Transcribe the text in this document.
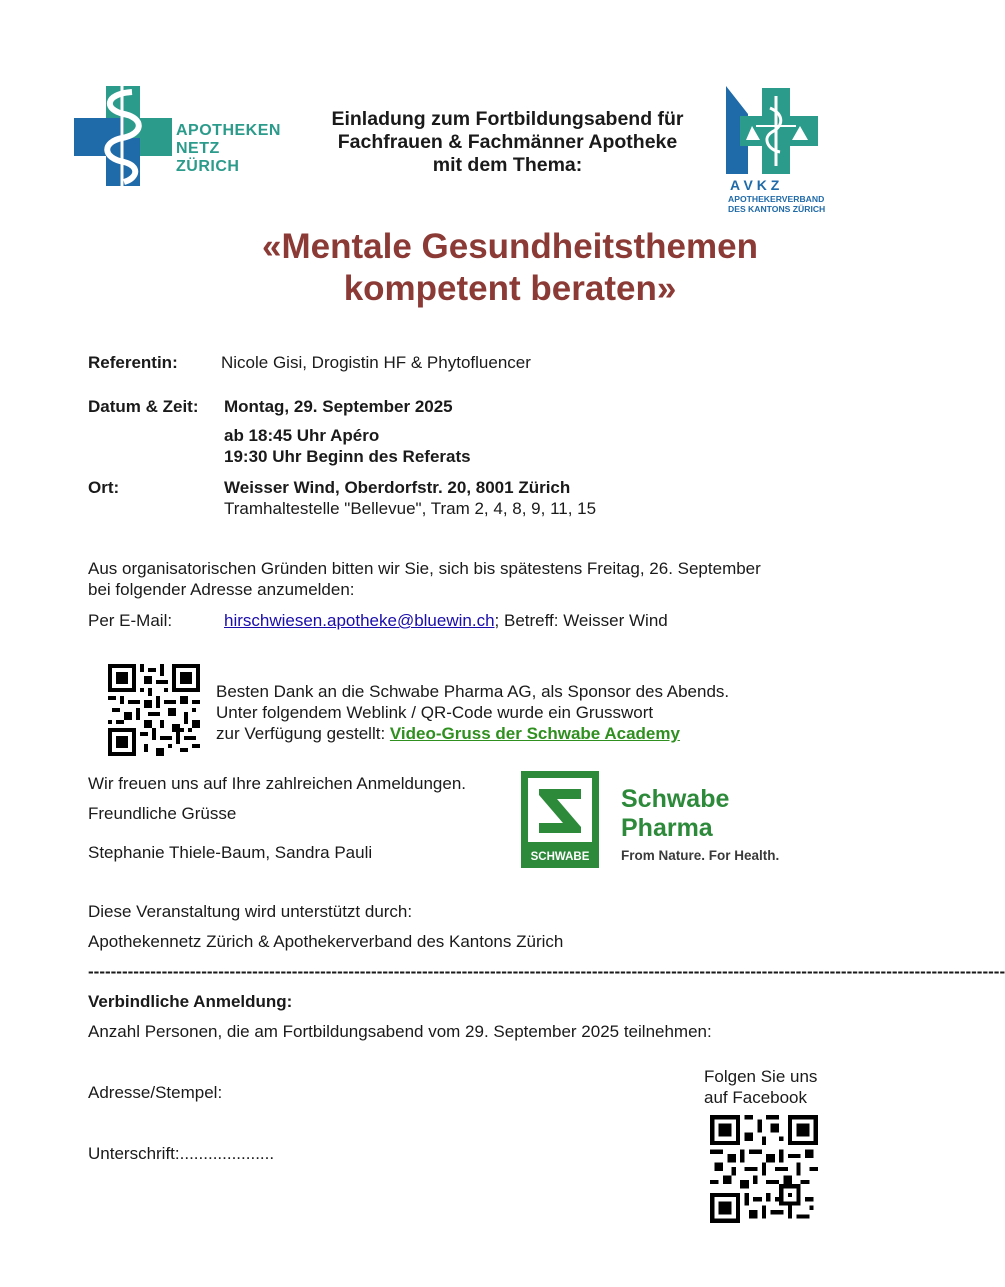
APOTHEKEN
NETZ
ZÜRICH
Einladung zum Fortbildungsabend für
Fachfrauen & Fachmänner Apotheke
mit dem Thema:
A V K Z
APOTHEKERVERBAND
DES KANTONS ZÜRICH
«Mentale Gesundheitsthemen
kompetent beraten»
Referentin:	Nicole Gisi, Drogistin HF & Phytofluencer
Datum & Zeit: Montag, 29. September 2025
ab 18:45 Uhr Apéro
19:30 Uhr Beginn des Referats
Ort:	Weisser Wind, Oberdorfstr. 20, 8001 Zürich
Tramhaltestelle "Bellevue", Tram 2, 4, 8, 9, 11, 15
Aus organisatorischen Gründen bitten wir Sie, sich bis spätestens Freitag, 26. September
bei folgender Adresse anzumelden:
Per E-Mail:	hirschwiesen.apotheke@bluewin.ch; Betreff: Weisser Wind
Besten Dank an die Schwabe Pharma AG, als Sponsor des Abends.
Unter folgendem Weblink / QR-Code wurde ein Grusswort
zur Verfügung gestellt: Video-Gruss der Schwabe Academy
Wir freuen uns auf Ihre zahlreichen Anmeldungen.
Freundliche Grüsse
Stephanie Thiele-Baum, Sandra Pauli	SCHWABE
Schwabe
Pharma
From Nature. For Health.
Diese Veranstaltung wird unterstützt durch:
Apothekennetz Zürich & Apothekerverband des Kantons Zürich
------------------------------------------------------------------------------------------------------------------------------------------------------------------
Verbindliche Anmeldung:
Anzahl Personen, die am Fortbildungsabend vom 29. September 2025 teilnehmen:
Adresse/Stempel:
Unterschrift:....................
Folgen Sie uns
auf Facebook
